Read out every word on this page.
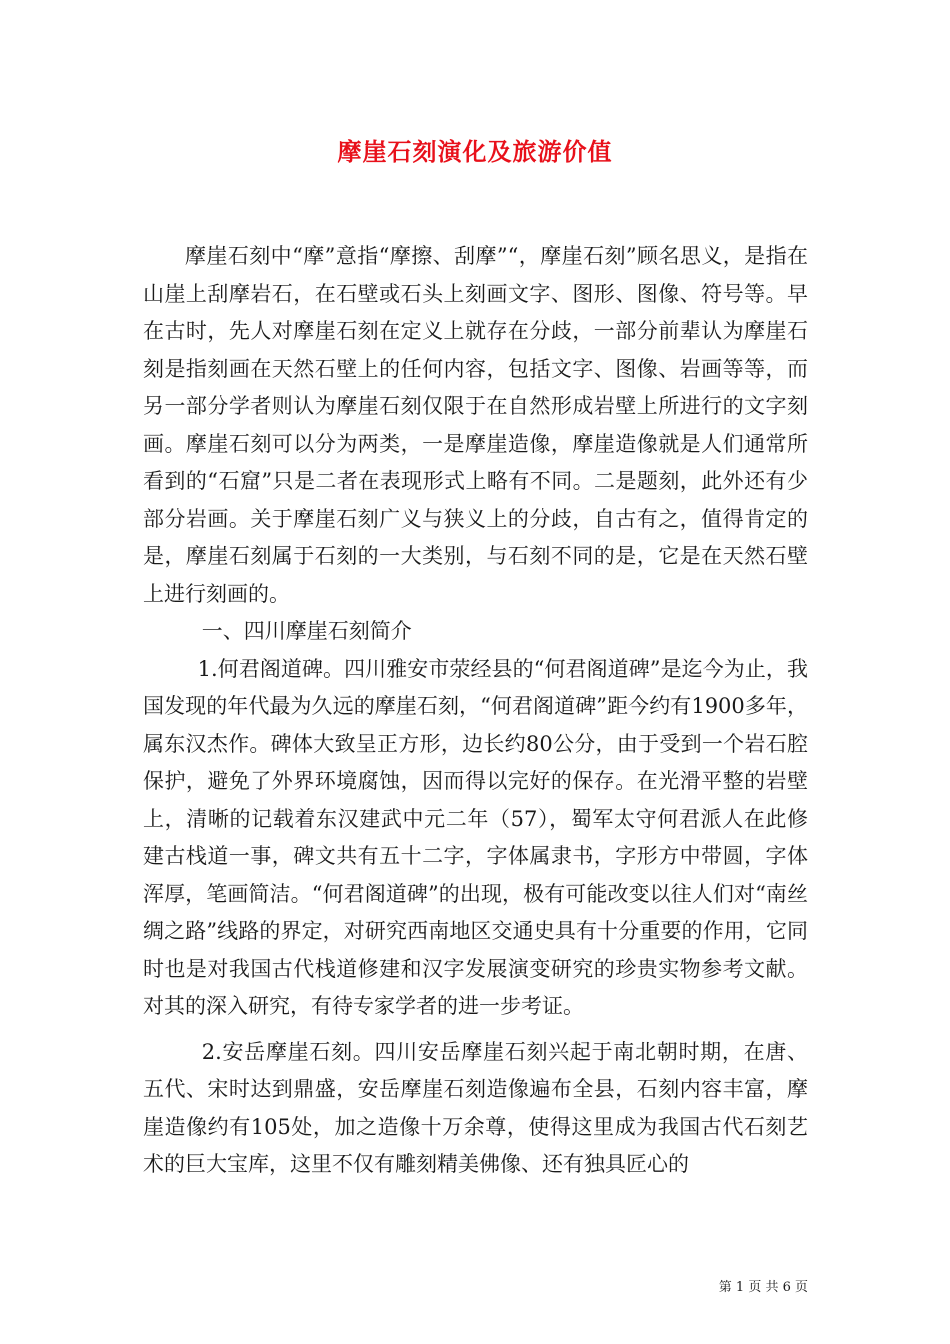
摩崖石刻演化及旅游价值

摩崖石刻中“摩”意指“摩擦、刮摩”“，摩崖石刻”顾名思义，是指在山崖上刮摩岩石，在石壁或石头上刻画文字、图形、图像、符号等。早在古时，先人对摩崖石刻在定义上就存在分歧，一部分前辈认为摩崖石刻是指刻画在天然石壁上的任何内容，包括文字、图像、岩画等等，而另一部分学者则认为摩崖石刻仅限于在自然形成岩壁上所进行的文字刻画。摩崖石刻可以分为两类，一是摩崖造像，摩崖造像就是人们通常所看到的“石窟”只是二者在表现形式上略有不同。二是题刻，此外还有少部分岩画。关于摩崖石刻广义与狭义上的分歧，自古有之，值得肯定的是，摩崖石刻属于石刻的一大类别，与石刻不同的是，它是在天然石壁上进行刻画的。

一、四川摩崖石刻简介

1.何君阁道碑。四川雅安市荥经县的“何君阁道碑”是迄今为止，我国发现的年代最为久远的摩崖石刻，“何君阁道碑”距今约有1900多年，属东汉杰作。碑体大致呈正方形，边长约80公分，由于受到一个岩石腔保护，避免了外界环境腐蚀，因而得以完好的保存。在光滑平整的岩壁上，清晰的记载着东汉建武中元二年（57），蜀军太守何君派人在此修建古栈道一事，碑文共有五十二字，字体属隶书，字形方中带圆，字体浑厚，笔画简洁。“何君阁道碑”的出现，极有可能改变以往人们对“南丝绸之路”线路的界定，对研究西南地区交通史具有十分重要的作用，它同时也是对我国古代栈道修建和汉字发展演变研究的珍贵实物参考文献。对其的深入研究，有待专家学者的进一步考证。

2.安岳摩崖石刻。四川安岳摩崖石刻兴起于南北朝时期，在唐、五代、宋时达到鼎盛，安岳摩崖石刻造像遍布全县，石刻内容丰富，摩崖造像约有105处，加之造像十万余尊，使得这里成为我国古代石刻艺术的巨大宝库，这里不仅有雕刻精美佛像、还有独具匠心的

第 1 页 共 6 页
